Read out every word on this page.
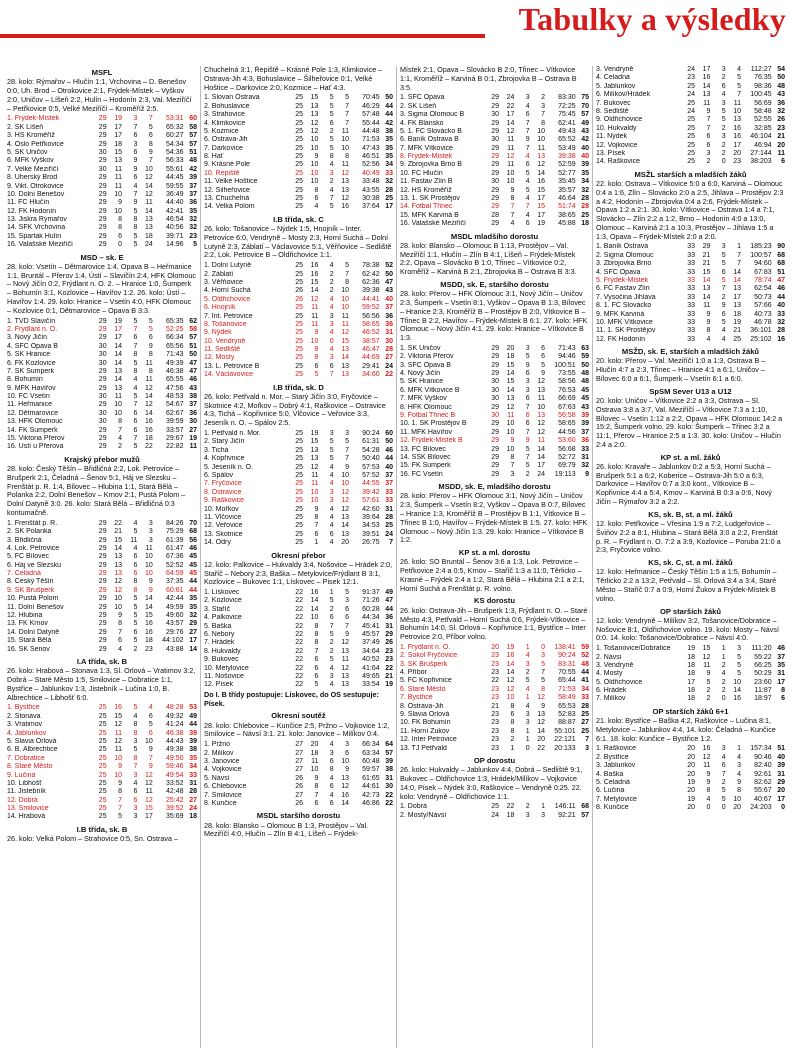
Tabulky a výsledky
MSFL
28. kolo: Rýmařov – Hlučín 1:1, Vrchovina – D. Benešov 0:0, Uh. Brod – Otrokovice 2:1, Frýdek-Místek – Vyškov 2:0, Uničov – Líšeň 2:2, Hulín – Hodonín 2:3, Val. Meziříčí – Petřkovice 0:5, Velké Meziříčí – Kroměříž 2:5.
1. Frýdek-Místek	29	19	3	7	53:31	60
2. SK Líšeň	29	17	7	5	65:32	58
3. HS Kroměříž	29	17	6	6	60:27	57
4. Oslo Petřkovice	29	18	3	8	54:34	57
5. SK Uničov	30	15	6	9	54:36	51
6. MFK Vyškov	29	13	9	7	56:33	48
7. Velké Meziříčí	30	11	9	10	55:61	42
8. Uherský Brod	29	11	6	12	44:45	39
9. Vikt. Otrokovice	29	11	4	14	59:55	37
10. Dolní Benešov	29	10	7	12	36:49	37
11. FC Hlučín	29	9	9	11	44:40	36
12. FK Hodonín	29	10	5	14	42:41	35
13. Jiskra Rýmařov	29	8	8	13	46:54	32
14. SFK Vrchovina	29	8	8	13	40:56	32
15. Spartak Hulín	29	6	5	18	39:71	23
16. Valašské Meziříčí	29	0	5	24	14:96	5
MSD – sk. E
28. kolo: Vsetín – Dětmarovice 1:4, Opava B – Heřmanice 1:1, Bruntál – Přerov 1:4, Ústí – Slavičín 2:4, HFK Olomouc – Nový Jičín 0:2, Frýdlant n. O. 2. – Hranice 1:0, Šumperk – Bohumín 3:1, Kozlovice – Havířov 1:2. 26. kolo: Ústí – Havířov 1:4. 29. kolo: Hranice – Vsetín 4:0, HFK Olomouc – Kozlovice 0:1, Dětmarovice – Opava B 3:3.
1. TVD Slavičín	29	19	5	5	65:35	62
2. Frýdlant n. O.	29	17	7	5	52:25	58
3. Nový Jičín	29	17	6	6	66:34	57
4. SFC Opava B	30	14	7	9	65:56	51
5. SK Hranice	30	14	8	8	71:43	50
6. FK Kozlovice	30	14	5	11	49:39	47
7. SK Šumperk	29	13	8	8	46:38	47
8. Bohumín	29	14	4	11	65:55	46
9. MFK Havířov	29	13	4	12	47:56	43
10. FC Vsetín	30	11	5	14	48:53	38
11. Heřmanice	29	10	7	12	54:67	37
12. Dětmarovice	30	10	6	14	62:67	36
13. HFK Olomouc	30	8	6	16	39:59	30
14. FK Šumperk	29	7	6	16	33:57	27
15. Viktoria Přerov	29	4	7	18	29:67	19
16. Ústí u Přerova	29	2	5	22	22:82	11
Krajský přebor mužů
28. kolo: Český Těšín – Břidličná 2:2, Lok. Petrovice – Brušperk 2:1, Čeladná – Šenov 5:1, Háj ve Slezsku – Frenštát p. R. 1:4, Bílovec – Hlubina 1:1, Stará Bělá – Polanka 2:2, Dolní Benešov – Krnov 2:1, Pustá Polom – Dolní Datyně 3:0. 26. kolo: Stará Bělá – Břidličná 0:3 kontumačně.
1. Frenštát p. R.	29	22	4	3	84:26	70
2. SK Polanka	29	21	5	3	75:29	68
3. Břidličná	29	15	11	3	61:39	56
4. Lok. Petrovice	29	14	4	11	61:47	46
5. FC Bílovec	29	13	6	10	67:36	45
6. Háj ve Slezsku	29	13	6	10	52:52	45
7. Čeladná	29	13	6	10	64:59	45
8. Český Těšín	29	12	8	9	37:35	44
9. SK Brušperk	29	12	8	9	60:61	44
10. Pustá Polom	29	10	5	14	42:44	35
11. Dolní Benešov	29	10	5	14	49:59	35
12. Hlubina	29	9	5	15	49:60	32
13. FK Krnov	29	8	5	16	43:57	29
14. Dolní Datyně	29	7	6	16	29:76	27
15. Stará Bělá	29	6	5	18	44:102	17
16. SK Šenov	29	4	2	23	43:88	14
I.A třída, sk. B
26. kolo: Hrabová – Stonava 1:3, Sl. Orlová – Vratimov 3:2, Dobrá – Staré Město 1:5, Smilovice – Dobratice 1:1, Bystřice – Jablunkov 1:3, Jistebník – Lučina 1:0, B. Albrechtice – Libhošť 6:0.
1. Bystřice	25	16	5	4	48:28	53
2. Stonava	25	15	4	6	49:32	49
3. Vratimov	25	12	8	5	41:24	44
4. Jablunkov	25	11	8	6	46:38	39
5. Slavia Orlová	25	12	3	10	44:43	39
6. B. Albrechtice	25	11	5	9	49:38	38
7. Dobratice	25	10	8	7	49:50	35
8. Staré Město	25	9	7	9	59:46	34
9. Lučina	25	10	3	12	49:54	33
10. Libhošť	25	9	4	12	33:52	31
11. Jistebník	25	8	6	11	42:48	28
12. Dobrá	25	7	6	12	25:42	27
13. Smilovice	25	7	3	15	39:52	24
14. Hrabová	25	5	3	17	35:69	18
I.B třída, sk. B
26. kolo: Velká Polom – Strahovice 0:5, Sn. Ostrava –
Chuchelná 3:1, Řepiště – Krásné Pole 1:3, Klimkovice – Ostrava-Jih 4:3, Bohuslavice – Šilheřovice 0:1, Velké Hoštice – Darkovice 2:0, Kozmice – Hať 4:3.
1. Slovan Ostrava	25	15	5	5	70:45	50
2. Bohuslavice	25	13	5	7	46:29	44
3. Strahovice	25	13	5	7	57:48	44
4. Klimkovice	25	12	6	7	55:44	42
5. Kozmice	25	12	2	11	44:48	38
6. Ostrava-Jih	25	10	5	10	71:53	35
7. Darkovice	25	10	5	10	47:43	35
8. Hať	25	9	8	8	46:51	35
9. Krásné Pole	25	10	4	11	52:56	34
10. Řepiště	25	10	3	12	40:49	33
11. Velké Hoštice	25	10	2	13	33:48	32
12. Šilheřovice	25	8	4	13	43:55	28
13. Chuchelná	25	6	7	12	30:38	25
14. Velká Polom	25	4	5	16	37:64	17
I.B třída, sk. C
26. kolo: Tošanovice – Nýdek 1:5, Hnojník – Inter. Petrovice 6:0, Vendryně – Mosty 2:3, Horní Suchá – Dolní Lutyně 2:3, Záblatí – Václavovice 5:1, Věřňovice – Sedliště 2:2, Lok. Petrovice B – Oldřichovice 1:1.
1. Dolní Lutyně	25	16	4	5	78:38	52
2. Záblatí	25	16	2	7	62:42	50
3. Věřňovice	25	15	2	8	62:36	47
4. Horní Suchá	26	14	2	10	39:38	43
5. Oldřichovice	26	12	4	10	44:41	40
6. Hnojník	25	11	4	10	59:52	37
7. Int. Petrovice	25	11	3	11	56:56	36
8. Tošanovice	25	11	3	11	58:65	36
9. Nýdek	25	9	4	12	46:52	31
10. Vendryně	25	10	0	15	38:57	30
11. Sedliště	25	8	4	13	46:47	28
12. Mosty	25	8	3	14	44:69	27
13. L. Petrovice B	25	6	6	13	29:41	24
14. Václavovice	25	5	7	13	34:60	22
I.B třída, sk. D
26. kolo: Petřvald n. Mor. – Starý Jičín 3:0, Fryčovice – Skotnice 4:2, Mořkov – Dobrý 4:1, Raškovice – Ostravice 4:3, Tichá – Kopřivnice 5:0, Vlčovice – Veřovice 3:3, Jeseník n. O. – Spálov 2:5.
1. Petřvald n. Mor.	25	19	3	3	90:24	60
2. Starý Jičín	25	15	5	5	61:31	50
3. Tichá	25	13	5	7	54:28	46
4. Kopřivnice	25	13	5	7	50:40	44
5. Jeseník n. O.	25	12	4	9	57:53	40
6. Spálov	25	11	4	10	57:52	37
7. Fryčovice	25	11	4	10	44:55	37
8. Ostravice	25	10	3	12	39:42	33
9. Raškovice	25	10	3	12	57:61	33
10. Mořkov	25	9	4	12	42:60	31
11. Vlčovice	25	8	4	13	39:64	28
12. Veřovice	25	7	4	14	34:53	25
13. Skotnice	25	6	6	13	39:51	24
14. Odry	25	1	4	20	26:75	7
Okresní přebor
12. kolo: Palkovice – Hukvaldy 3:4, Nošovice – Hrádek 2:0, Staříč – Nebory 2:3, Baška – Metylovice/Frýdlant B 3:1, Kozlovice – Bukovec 1:1, Lískovec – Pisek 12:1.
1. Lískovec	22	16	1	5	91:37	49
2. Kozlovice	22	14	5	3	71:26	47
3. Staříč	22	14	2	6	60:28	44
4. Palkovice	22	10	6	6	44:34	36
5. Baška	22	8	7	7	45:41	31
6. Nebory	22	8	5	9	45:57	29
7. Hrádek	22	8	2	12	37:49	26
8. Hukvaldy	22	7	2	13	34:64	23
9. Bukovec	22	6	5	11	40:52	23
10. Metylovice	22	6	4	12	41:64	22
11. Nošovice	22	6	3	13	49:65	21
12. Písek	22	5	4	13	33:54	19
Do I. B třídy postupuje: Lískovec, do OS sestupuje: Písek.
Okresní soutěž
28. kolo: Chlebovice – Kunčice 2:5, Pržno – Vojkovice 1:2, Smilovice – Návsí 3:1. 21. kolo: Janovice – Milíkov 0:4.
1. Pržno	27	20	4	3	66:34	64
2. Milíkov	27	18	3	6	63:34	57
3. Janovice	27	11	6	10	60:48	39
4. Vojkovice	27	10	8	9	59:57	38
5. Návsí	26	9	4	13	61:65	31
6. Chlebovice	26	8	6	12	44:61	30
7. Smilovice	27	7	4	16	42:73	22
8. Kunčice	26	6	6	14	46:86	22
MSDL staršího dorostu
28. kolo: Blansko – Olomouc B 1:3, Prostějov – Val. Meziříčí 4:0, Hlučín – Zlín B 4:1, Líšeň – Frýdek-
Místek 2:1, Opava – Slovácko B 2:0, Třinec – Vítkovice 1:1, Kroměříž – Karviná B 0:1, Zbrojovka B – Ostrava B 3:5.
1. SFC Opava	29	24	3	2	83:30	75
2. SK Líšeň	29	22	4	3	72:25	70
3. Sigma Olomouc B	30	17	6	7	75:45	57
4. FK Blansko	29	14	7	8	62:41	49
5. 1. FC Slovácko B	29	12	7	10	49:43	43
6. Baník Ostrava B	30	11	9	10	65:52	42
7. MFK Vítkovice	29	11	7	11	53:49	40
8. Frýdek-Místek	29	12	4	13	39:38	40
9. Zbrojovka Brno B	29	11	6	12	52:59	39
10. FC Hlučín	29	10	5	14	52:77	35
11. Fastav Zlín B	30	10	4	16	35:45	34
12. HS Kroměříž	29	9	5	15	35:57	32
13. 1. SK Prostějov	29	8	4	17	46:64	28
14. Fotbal Třinec	29	7	7	15	51:74	28
15. MFK Karviná B	28	7	4	17	38:65	25
16. Valašské Meziříčí	29	4	6	19	45:88	18
MSDL mladšího dorostu
28. kolo: Blansko – Olomouc B 1:13, Prostějov – Val. Meziříčí 1:1, Hlučín – Zlín B 4:1, Líšeň – Frýdek-Místek 2:2, Opava – Slovácko B 1:0, Třinec – Vítkovice 0:2, Kroměříž – Karviná B 2:1, Zbrojovka B – Ostrava B 3:3.
MSDD, sk. E, staršího dorostu
28. kolo: Přerov – HFK Olomouc 3:1, Nový Jičín – Uničov 2:3, Šumperk – Vsetín 8:1, Vyškov – Opava B 1:3, Bílovec – Hranice 2:3, Kroměříž B – Prostějov B 2:0, Vítkovice B – Třinec B 2:2, Havířov – Frýdek-Místek B 6:1. 27. kolo: HFK Olomouc – Nový Jičín 4:1. 29. kolo: Hranice – Vítkovice B 1:3.
1. SK Uničov	29	20	3	6	71:43	63
2. Viktoria Přerov	29	18	5	6	94:46	59
3. SFC Opava B	29	15	9	5	100:51	50
4. Nový Jičín	29	14	6	9	73:55	48
5. SK Hranice	30	15	3	12	58:56	48
6. MFK Vítkovice B	30	14	3	13	76:53	45
7. MFK Vyškov	30	13	6	11	66:69	45
8. HFK Olomouc	29	12	7	10	67:63	43
9. Fotbal Třinec B	30	11	6	13	56:58	39
10. 1. SK Prostějov B	29	10	6	12	58:65	39
11. MFK Havířov	29	10	7	12	44:56	37
12. Frýdek-Místek B	29	9	9	11	53:60	36
13. FC Bílovec	29	10	5	14	56:68	33
14. ŠSK Bílovec	29	8	7	14	52:72	31
15. FK Šumperk	29	7	5	17	69:79	32
16. FC Vsetín	29	3	2	24	19:113	9
MSDD, sk. E, mladšího dorostu
28. kolo: Přerov – HFK Olomouc 3:1, Nový Jičín – Uničov 2:3, Šumperk – Vsetín 8:2, Vyškov – Opava B 0:7, Bílovec – Hranice 1:3, Kroměříž B – Prostějov B 1:1, Vítkovice B – Třinec B 1:0, Havířov – Frýdek-Místek B 1:5. 27. kolo: HFK Olomouc – Nový Jičín 1:3. 29. kolo: Hranice – Vítkovice B 1:2.
KP st. a ml. dorostu
26. kolo: SO Bruntál – Šenov 3:6 a 1:3, Lok. Petrovice – Petřkovice 2:4 a 0:5, Krnov – Staříč 1:3 a 11:0, Těrlicko – Krasné – Frýdek 2:4 a 1:2, Stará Bělá – Hlubina 2:1 a 2:1, Horní Suchá a Frenštát p. R. volno.
KS dorostu
26. kolo: Ostrava-Jih – Brušperk 1:3, Frýdlant n. O. – Staré Město 4:3, Petřvald – Horní Suchá 0:6, Frýdek-Vítkovice – Bohumín 14:0, Sl. Orlová – Kopřivnice 1:1, Bystřice – Inter Petrovice 2:0, Příbor volno.
1. Frýdlant n. O.	20	19	1	0	138:41	59
2. Sokol Fryčovice	23	16	4	3	90:24	52
3. SK Brušperk	23	14	3	5	83:31	48
4. Příbor	23	14	2	7	70:55	44
5. FC Kopřivnice	22	12	5	5	65:44	41
6. Staré Město	23	12	4	8	71:53	34
7. Bystřice	23	10	1	12	58:49	33
8. Ostrava-Jih	21	8	4	9	65:53	28
9. Slavia Orlová	23	6	3	13	52:83	25
10. FK Bohumín	23	8	3	12	88:87	27
11. Horní Žukov	23	8	1	14	55:101	25
12. Inter Petrovice	23	2	1	20	22:121	7
13. TJ Petřvald	23	1	0	22	20:133	3
OP dorostu
26. kolo: Hukvaldy – Jablunkov 4:4, Dobrá – Sedliště 9:1, Bukovec – Oldřichovice 1:3, Hrádek/Milíkov – Vojkovice 14:0, Písek – Nýdek 3:0, Raškovice – Vendryně 0:25. 22. kolo: Vendryně – Oldřichovice 1:1.
1. Dobrá	25	22	2	1	146:11	68
2. Mosty/Návsí	24	18	3	3	92:21	57
3. Vendryně	24	17	3	4	112:27	54
4. Čeladná	23	16	2	5	76:35	50
5. Jablunkov	25	14	6	5	98:36	48
6. Milíkov/Hrádek	24	13	4	7	100:45	43
7. Bukovec	25	11	3	11	56:69	36
8. Sedliště	24	9	5	10	58:48	32
9. Oldřichovice	25	7	5	13	52:55	26
10. Hukvaldy	25	7	2	16	32:85	23
11. Nýdek	25	6	3	16	46:104	21
12. Vojkovice	25	6	2	17	46:94	20
13. Písek	25	3	2	20	27:144	11
14. Raškovice	25	2	0	23	38:203	6
MSŽL starších a mladších žáků
22. kolo: Ostrava – Vítkovice 5:0 a 6:0, Karviná – Olomouc 0:4 a 1:6, Zlín – Slovácko 2:0 a 2:5, Jihlava – Prostějov 2:3 a 4:2, Hodonín – Zbrojovka 0:4 a 2:6, Frýdek-Místek – Opava 1:2 a 2:1. 30. kolo: Vítkovice – Ostrava 1:4 a 7:1, Slovácko – Zlín 2:2 a 1:2, Brno – Hodonín 4:0 a 13:0, Olomouc – Karviná 2:1 a 10:3, Prostějov – Jihlava 1:5 a 1:3, Opava – Frýdek-Místek 2:0 a 2:0.
1. Baník Ostrava	33	29	3	1	185:23	90
2. Sigma Olomouc	33	21	5	7	100:57	68
3. Zbrojovka Brno	33	21	5	7	94:60	68
4. SFC Opava	33	15	6	14	67:83	51
5. Frýdek-Místek	33	14	5	14	78:74	47
6. FC Fastav Zlín	33	13	7	13	62:54	46
7. Vysočina Jihlava	33	14	2	17	50:73	44
8. 1. FC Slovácko	33	11	9	13	57:66	40
9. MFK Karviná	33	9	6	18	40:73	33
10. MFK Vítkovice	33	9	5	19	46:78	32
11. 1. SK Prostějov	33	8	4	21	36:101	28
12. FK Hodonín	33	4	4	25	25:102	16
MSŽD, sk. E, starších a mladších žáků
20. kolo: Přerov – Val. Meziříčí 1:0 a 1:3, Ostrava B – Hlučín 4:7 a 2:3, Třinec – Hranice 4:1 a 6:1, Uničov – Bílovec 6:0 a 6:1, Šumperk – Vsetín 6:1 a 6:0.
SpSM Sever U13 a U12
20. kolo: Uničov – Vítkovice 2:2 a 3:3, Ostrava – Sl. Ostrava 3:8 a 3:7, Val. Meziříčí – Vítkovice 7:3 a 1:10, Bílovec – Vsetín 1:12 a 2:2, Opava – HFK Olomouc 14:2 a 15:2, Šumperk volno. 29. kolo: Šumperk – Třinec 3:2 a 11:1, Přerov – Hranice 2:5 a 1:3. 30. kolo: Uničov – Hlučín 2:4 a 2:0.
KP st. a ml. žáků
26. kolo: Kravaře – Jablunkov 0:2 a 5:3, Horní Suchá – Brušperk 5:1 a 6:2, Koberice – Ostrava-Jih 5:0 a 6:3, Darkovice – Havířov 0:7 a 3:0 kont., Vítkovice B – Kopřivnice 4:4 a 5:4, Krnov – Karviná B 0:3 a 0:6, Nový Jičín – Rýmařov 3:2 a 2:2.
KS, sk. B, st. a ml. žáků
12. kolo: Petřkovice – Vřesina 1:9 a 7:2, Ludgeřovice – Šviňov 2:2 a 8:1, Hlubina – Stará Bělá 3:0 a 2:2, Frenštát p. R. – Frýdlant n. O. 7:2 a 3:9, Kozlovice – Poruba 21:0 a 2:3, Fryčovice volno.
KS, sk. C, st. a ml. žáků
12. kolo: Heřmanice – Český Těšín 1:5 a 1:5, Bohumín – Těrlicko 2:2 a 13:2, Petřvald – Sl. Orlová 3:4 a 3:4, Staré Město – Staříč 0:7 a 0:9, Horní Žukov a Frýdek-Místek B volno.
OP starších žáků
12. kolo: Vendryně – Milíkov 3:2, Tošanovice/Dobratice – Nošovice 8:1, Oldřichovice volno. 19. kolo: Mosty – Návsí 0:0. 14. kolo: Tošanovice/Dobratice – Návsí 4:0.
1. Tošanovice/Dobratice	19	15	1	3	111:20	46
2. Návsí	18	12	1	5	55:22	37
3. Vendryně	18	11	2	5	66:25	35
4. Mosty	18	9	4	5	50:29	31
5. Oldřichovice	17	5	2	10	23:60	17
6. Hrádek	18	2	2	14	11:87	8
7. Milíkov	18	2	0	16	18:97	6
OP starších žáků 6+1
21. kolo: Bystřice – Baška 4:2, Raškovice – Lučina 8:1, Metylovice – Jablunkov 4:4, 14. kolo: Čeladná – Kunčice 6:1. 18. kolo: Kunčice – Bystřice 1:2.
1. Raškovice	20	16	3	1	157:34	51
2. Bystřice	20	12	4	4	90:46	40
3. Jablunkov	20	11	6	3	82:40	39
4. Baška	20	9	7	4	92:61	31
5. Čeladná	19	9	2	9	82:62	29
6. Lučina	20	8	5	8	55:67	20
7. Metylovice	19	4	5	10	40:67	17
8. Kunčice	20	0	0	20	24:203	0
